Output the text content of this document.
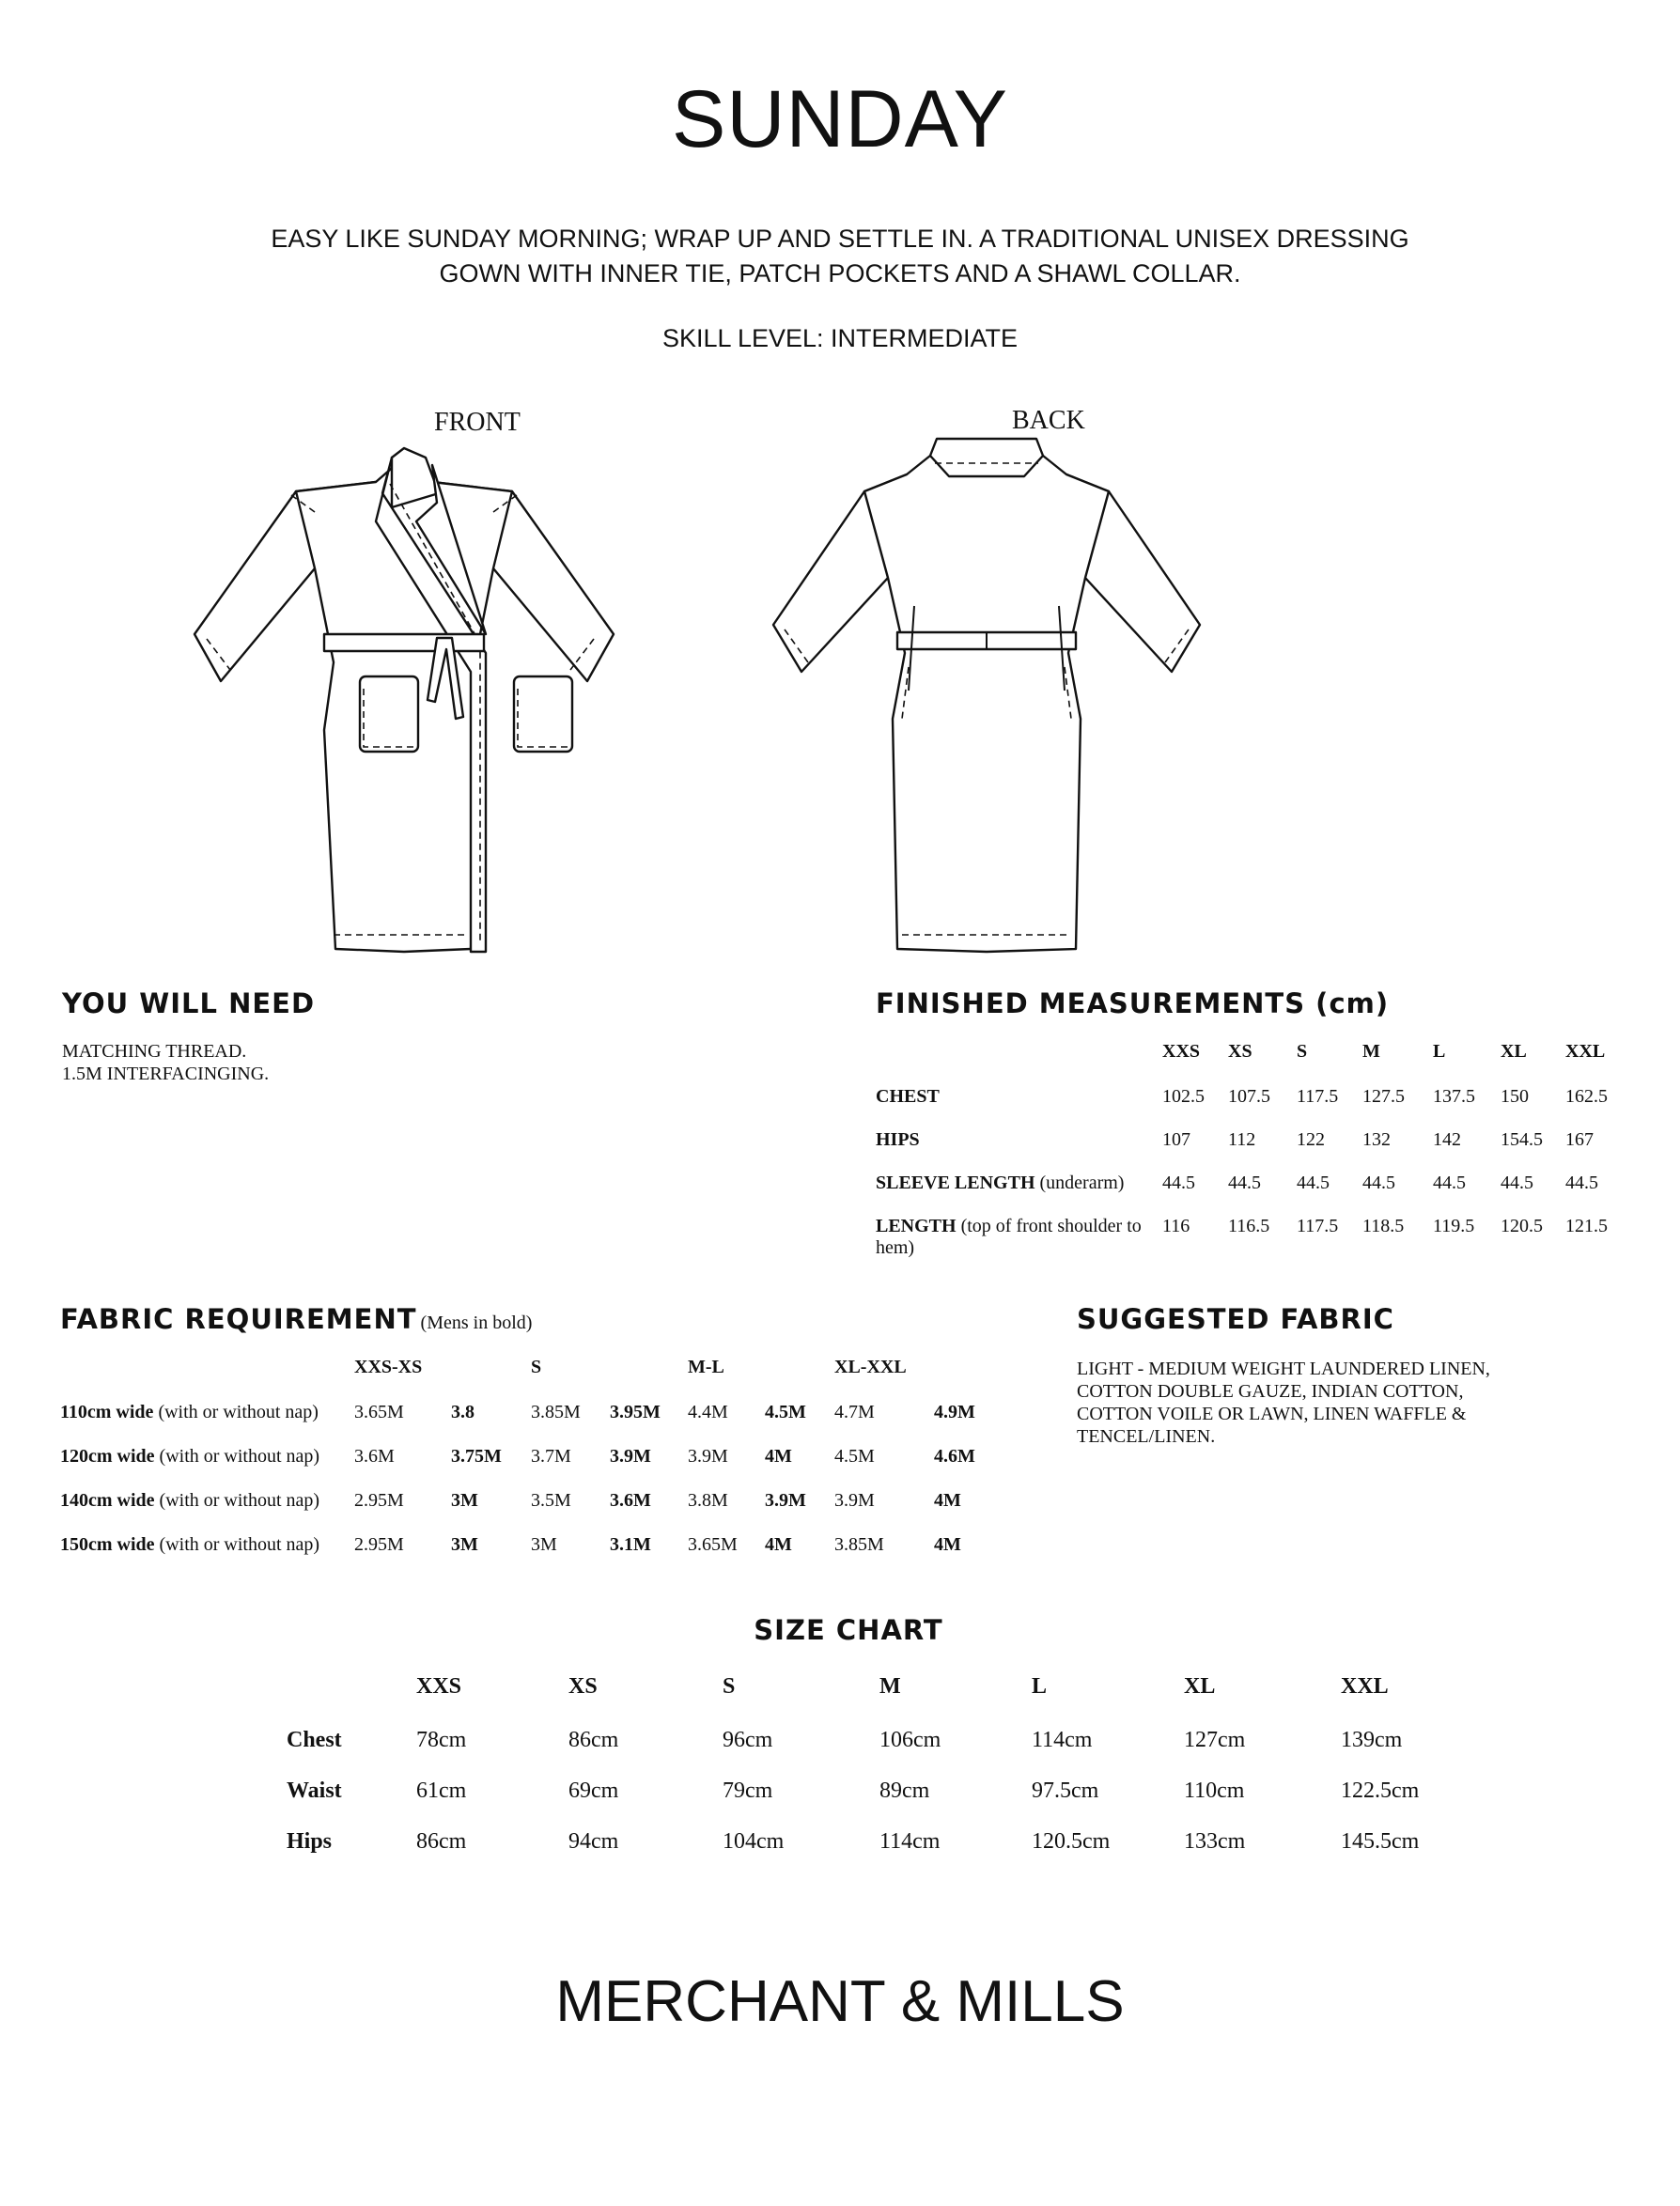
SUNDAY
EASY LIKE SUNDAY MORNING; WRAP UP AND SETTLE IN. A TRADITIONAL UNISEX DRESSING
GOWN WITH INNER TIE, PATCH POCKETS AND A SHAWL COLLAR.
SKILL LEVEL: INTERMEDIATE
FRONT	BACK
YOU WILL NEED
MATCHING THREAD.
1.5M INTERFACINGING.
FINISHED MEASUREMENTS (cm)
	XXS	XS	S	M	L	XL	XXL
CHEST	102.5	107.5	117.5	127.5	137.5	150	162.5
HIPS	107	112	122	132	142	154.5	167
SLEEVE LENGTH (underarm)	44.5	44.5	44.5	44.5	44.5	44.5	44.5
LENGTH (top of front shoulder to hem)	116	116.5	117.5	118.5	119.5	120.5	121.5
FABRIC REQUIREMENT (Mens in bold)
	XXS-XS		S		M-L		XL-XXL	
110cm wide (with or without nap)	3.65M	3.8	3.85M	3.95M	4.4M	4.5M	4.7M	4.9M
120cm wide (with or without nap)	3.6M	3.75M	3.7M	3.9M	3.9M	4M	4.5M	4.6M
140cm wide (with or without nap)	2.95M	3M	3.5M	3.6M	3.8M	3.9M	3.9M	4M
150cm wide (with or without nap)	2.95M	3M	3M	3.1M	3.65M	4M	3.85M	4M
SUGGESTED FABRIC
LIGHT - MEDIUM WEIGHT LAUNDERED LINEN,
COTTON DOUBLE GAUZE, INDIAN COTTON,
COTTON VOILE OR LAWN, LINEN WAFFLE &
TENCEL/LINEN.
SIZE CHART
	XXS	XS	S	M	L	XL	XXL
Chest	78cm	86cm	96cm	106cm	114cm	127cm	139cm
Waist	61cm	69cm	79cm	89cm	97.5cm	110cm	122.5cm
Hips	86cm	94cm	104cm	114cm	120.5cm	133cm	145.5cm
MERCHANT & MILLS
